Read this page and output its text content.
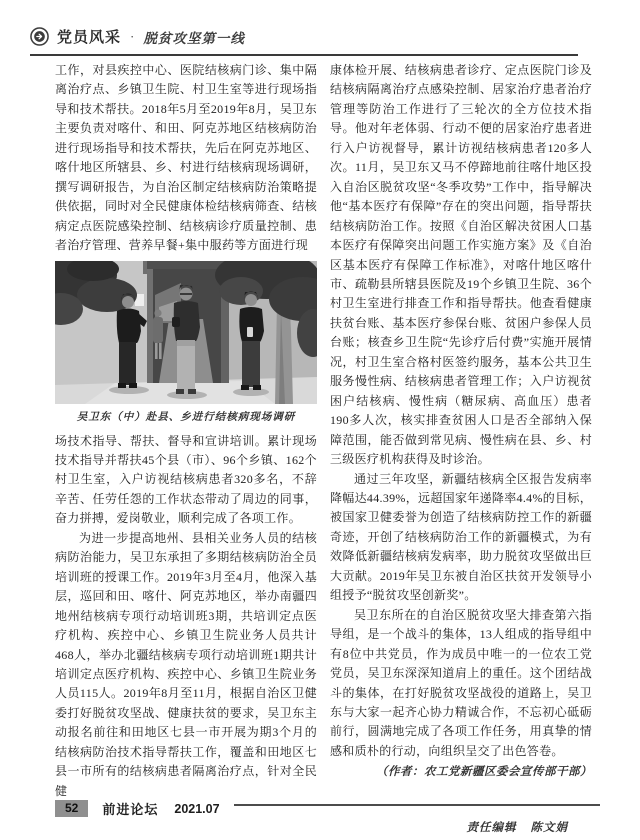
党员风采 · 脱贫攻坚第一线

工作，对县疾控中心、医院结核病门诊、集中隔离治疗点、乡镇卫生院、村卫生室等进行现场指导和技术帮扶。2018年5月至2019年8月，吴卫东主要负责对喀什、和田、阿克苏地区结核病防治进行现场指导和技术帮扶，先后在阿克苏地区、喀什地区所辖县、乡、村进行结核病现场调研，撰写调研报告，为自治区制定结核病防治策略提供依据，同时对全民健康体检结核病筛查、结核病定点医院感染控制、结核病诊疗质量控制、患者治疗管理、营养早餐+集中服药等方面进行现

吴卫东（中）赴县、乡进行结核病现场调研

场技术指导、帮扶、督导和宣讲培训。累计现场技术指导并帮扶45个县（市）、96个乡镇、162个村卫生室，入户访视结核病患者320多名，不辞辛苦、任劳任怨的工作状态带动了周边的同事，奋力拼搏，爱岗敬业，顺利完成了各项工作。

为进一步提高地州、县相关业务人员的结核病防治能力，吴卫东承担了多期结核病防治全员培训班的授课工作。2019年3月至4月，他深入基层，巡回和田、喀什、阿克苏地区，举办南疆四地州结核病专项行动培训班3期，共培训定点医疗机构、疾控中心、乡镇卫生院业务人员共计468人，举办北疆结核病专项行动培训班1期共计培训定点医疗机构、疾控中心、乡镇卫生院业务人员115人。2019年8月至11月，根据自治区卫健委打好脱贫攻坚战、健康扶贫的要求，吴卫东主动报名前往和田地区七县一市开展为期3个月的结核病防治技术指导帮扶工作，覆盖和田地区七县一市所有的结核病患者隔离治疗点，针对全民健

康体检开展、结核病患者诊疗、定点医院门诊及结核病隔离治疗点感染控制、居家治疗患者治疗管理等防治工作进行了三轮次的全方位技术指导。他对年老体弱、行动不便的居家治疗患者进行入户访视督导，累计访视结核病患者120多人次。11月，吴卫东又马不停蹄地前往喀什地区投入自治区脱贫攻坚“冬季攻势”工作中，指导解决他“基本医疗有保障”存在的突出问题，指导帮扶结核病防治工作。按照《自治区解决贫困人口基本医疗有保障突出问题工作实施方案》及《自治区基本医疗有保障工作标准》，对喀什地区喀什市、疏勒县所辖县医院及19个乡镇卫生院、36个村卫生室进行排查工作和指导帮扶。他查看健康扶贫台账、基本医疗参保台账、贫困户参保人员台账；核查乡卫生院“先诊疗后付费”实施开展情况，村卫生室合格村医签约服务，基本公共卫生服务慢性病、结核病患者管理工作；入户访视贫困户结核病、慢性病（糖尿病、高血压）患者190多人次，核实排查贫困人口是否全部纳入保障范围，能否做到常见病、慢性病在县、乡、村三级医疗机构获得及时诊治。

通过三年攻坚，新疆结核病全区报告发病率降幅达44.39%，远超国家年递降率4.4%的目标，被国家卫健委誉为创造了结核病防控工作的新疆奇迹，开创了结核病防治工作的新疆模式，为有效降低新疆结核病发病率，助力脱贫攻坚做出巨大贡献。2019年吴卫东被自治区扶贫开发领导小组授予“脱贫攻坚创新奖”。

吴卫东所在的自治区脱贫攻坚大排查第六指导组，是一个战斗的集体，13人组成的指导组中有8位中共党员，作为成员中唯一的一位农工党党员，吴卫东深深知道肩上的重任。这个团结战斗的集体，在打好脱贫攻坚战役的道路上，吴卫东与大家一起齐心协力精诚合作，不忘初心砥砺前行，圆满地完成了各项工作任务，用真挚的情感和质朴的行动，向组织呈交了出色答卷。

（作者：农工党新疆区委会宣传部干部）
责任编辑 陈文娟
52	前进论坛 2021.07
